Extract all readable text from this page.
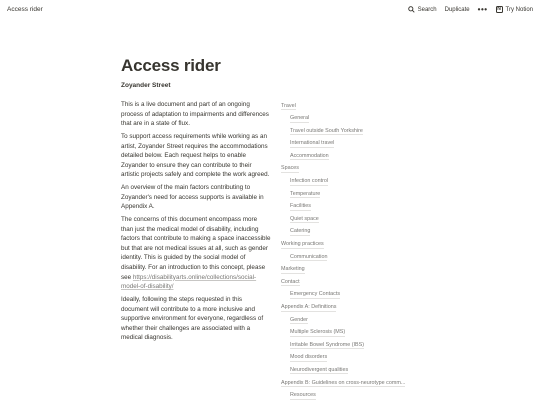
Access rider	Search Duplicate •••	N Try Notion
Access rider
Zoyander Street

This is a live document and part of an ongoing process of adaptation to impairments and differences that are in a state of flux.

To support access requirements while working as an artist, Zoyander Street requires the accommodations detailed below. Each request helps to enable Zoyander to ensure they can contribute to their artistic projects safely and complete the work agreed.

An overview of the main factors contributing to Zoyander's need for access supports is available in Appendix A.

The concerns of this document encompass more than just the medical model of disability, including factors that contribute to making a space inaccessible but that are not medical issues at all, such as gender identity. This is guided by the social model of disability. For an introduction to this concept, please see https://disabilityarts.online/collections/social-model-of-disability/

Ideally, following the steps requested in this document will contribute to a more inclusive and supportive environment for everyone, regardless of whether their challenges are associated with a medical diagnosis.

Travel
General
Travel outside South Yorkshire
International travel
Accommodation
Spaces
Infection control
Temperature
Facilities
Quiet space
Catering
Working practices
Communication
Marketing
Contact
Emergency Contacts
Appendix A: Definitions
Gender
Multiple Sclerosis (MS)
Irritable Bowel Syndrome (IBS)
Mood disorders
Neurodivergent qualities
Appendix B: Guidelines on cross-neurotype comm...
Resources
